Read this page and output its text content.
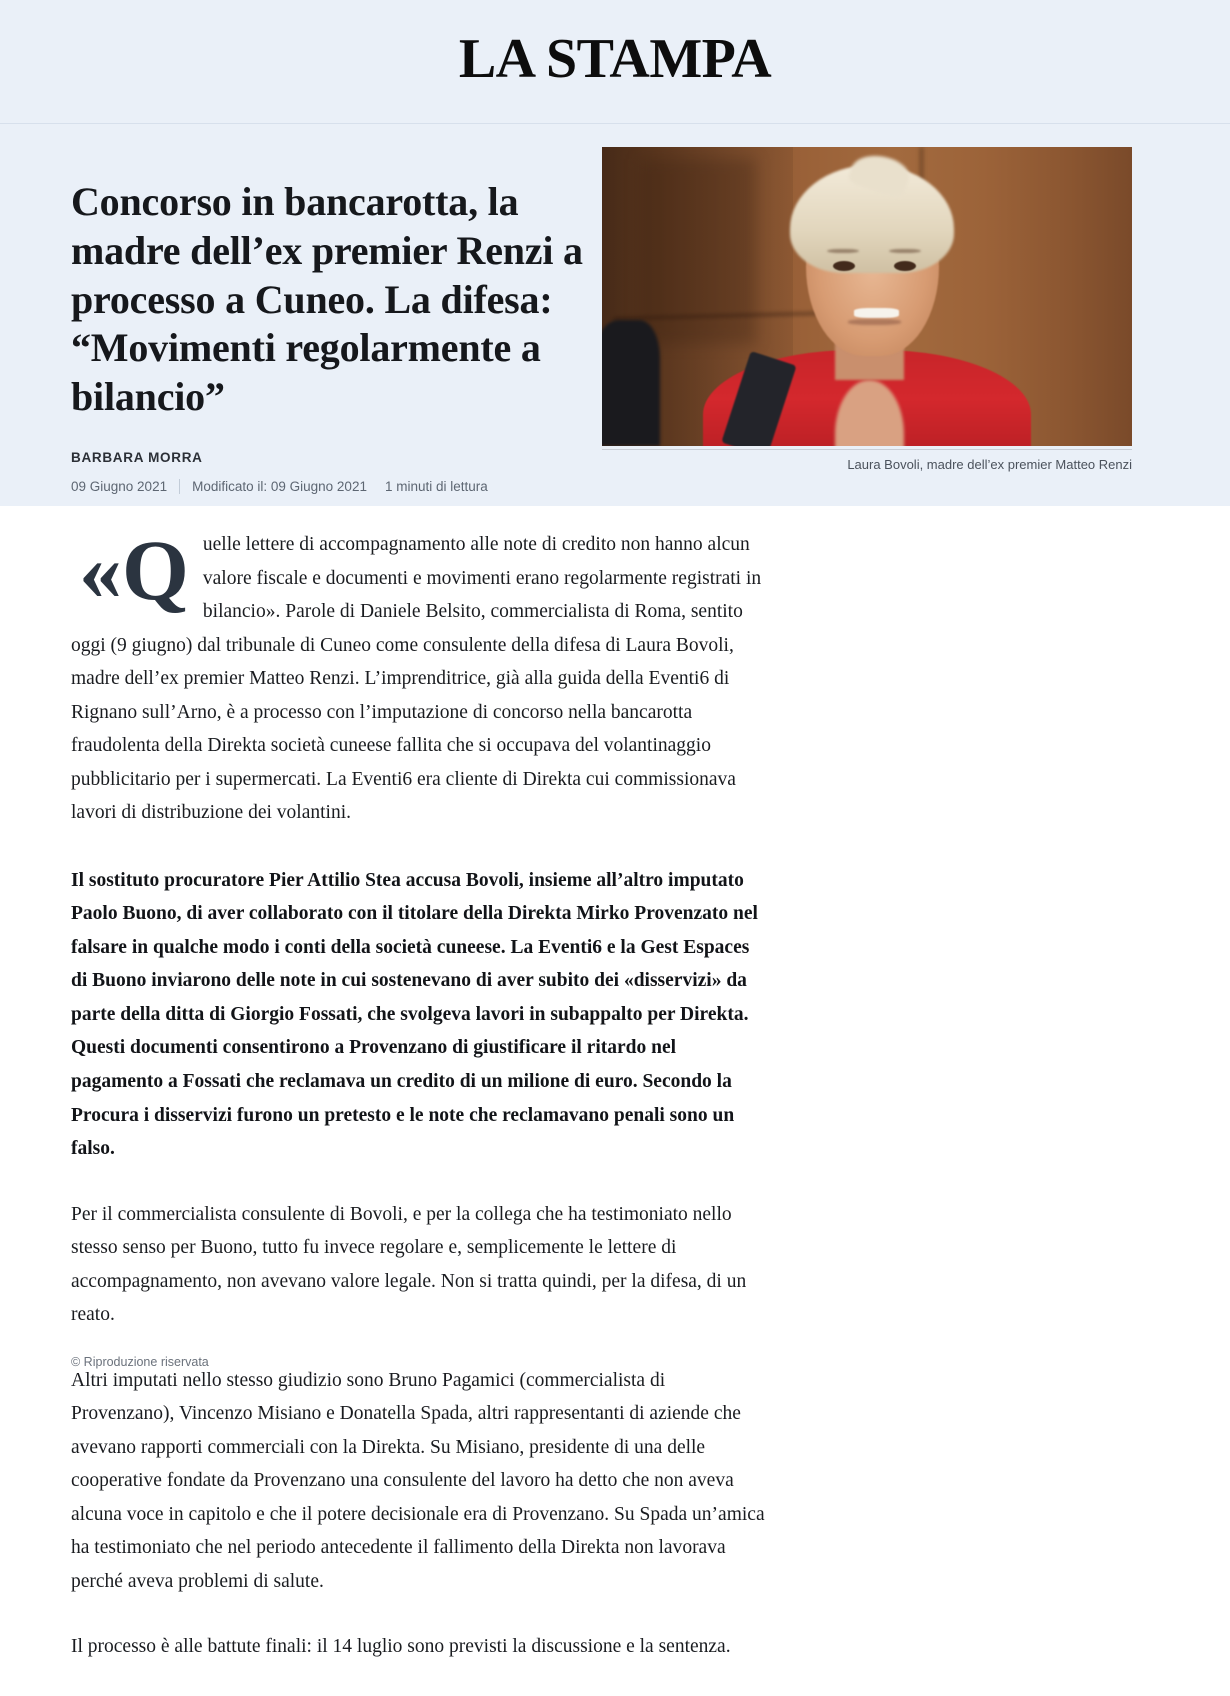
LA STAMPA
Concorso in bancarotta, la madre dell’ex premier Renzi a processo a Cuneo. La difesa: “Movimenti regolarmente a bilancio”
BARBARA MORRA
09 Giugno 2021 Modificato il: 09 Giugno 2021 1 minuti di lettura
Laura Bovoli, madre dell’ex premier Matteo Renzi

«Quelle lettere di accompagnamento alle note di credito non hanno alcun valore fiscale e documenti e movimenti erano regolarmente registrati in bilancio». Parole di Daniele Belsito, commercialista di Roma, sentito oggi (9 giugno) dal tribunale di Cuneo come consulente della difesa di Laura Bovoli, madre dell’ex premier Matteo Renzi. L’imprenditrice, già alla guida della Eventi6 di Rignano sull’Arno, è a processo con l’imputazione di concorso nella bancarotta fraudolenta della Direkta società cuneese fallita che si occupava del volantinaggio pubblicitario per i supermercati. La Eventi6 era cliente di Direkta cui commissionava lavori di distribuzione dei volantini.

Il sostituto procuratore Pier Attilio Stea accusa Bovoli, insieme all’altro imputato Paolo Buono, di aver collaborato con il titolare della Direkta Mirko Provenzato nel falsare in qualche modo i conti della società cuneese. La Eventi6 e la Gest Espaces di Buono inviarono delle note in cui sostenevano di aver subito dei «disservizi» da parte della ditta di Giorgio Fossati, che svolgeva lavori in subappalto per Direkta. Questi documenti consentirono a Provenzano di giustificare il ritardo nel pagamento a Fossati che reclamava un credito di un milione di euro. Secondo la Procura i disservizi furono un pretesto e le note che reclamavano penali sono un falso.

Per il commercialista consulente di Bovoli, e per la collega che ha testimoniato nello stesso senso per Buono, tutto fu invece regolare e, semplicemente le lettere di accompagnamento, non avevano valore legale. Non si tratta quindi, per la difesa, di un reato.

Altri imputati nello stesso giudizio sono Bruno Pagamici (commercialista di Provenzano), Vincenzo Misiano e Donatella Spada, altri rappresentanti di aziende che avevano rapporti commerciali con la Direkta. Su Misiano, presidente di una delle cooperative fondate da Provenzano una consulente del lavoro ha detto che non aveva alcuna voce in capitolo e che il potere decisionale era di Provenzano. Su Spada un’amica ha testimoniato che nel periodo antecedente il fallimento della Direkta non lavorava perché aveva problemi di salute.

Il processo è alle battute finali: il 14 luglio sono previsti la discussione e la sentenza.

© Riproduzione riservata
